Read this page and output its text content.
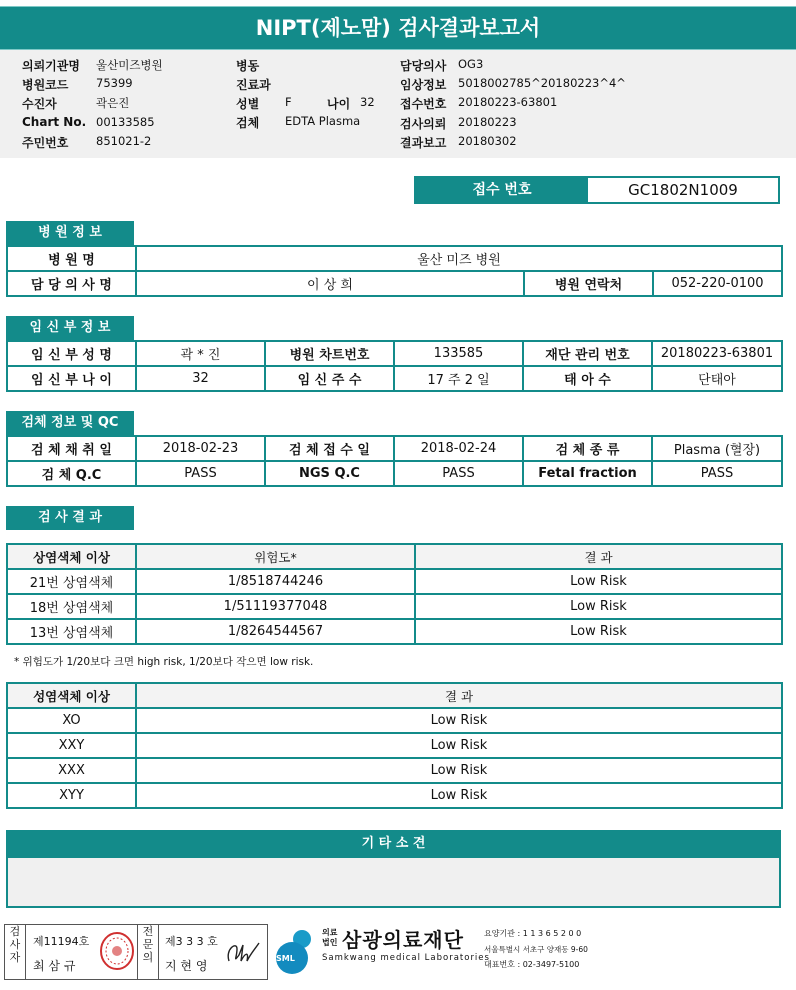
NIPT(제노맘) 검사결과보고서
의뢰기관명 울산미즈병원
병원코드 75399
수진자	곽은진
Chart No. 00133585
주민번호 851021-2
병동
진료과
성별 F	나이 32
검체 EDTA Plasma
담당의사 OG3
임상정보 5018002785^20180223^4^
접수번호 20180223-63801
검사의뢰 20180223
결과보고 20180302
접수 번호	GC1802N1009
병 원 정 보
병 원 명	울산 미즈 병원		
담 당 의 사 명	이 상 희	병원 연락처	052-220-0100
임 신 부 정 보
임 신 부 성 명	곽 * 진	병원 차트번호	133585	재단 관리 번호	20180223-63801
임 신 부 나 이	32	임 신 주 수	17 주 2 일	태 아 수	단태아
검체 정보 및 QC
검 체 채 취 일	2018-02-23	검 체 접 수 일	2018-02-24	검 체 종 류	Plasma (혈장)
검 체 Q.C	PASS	NGS Q.C	PASS	Fetal fraction	PASS
검 사 결 과
상염색체 이상	위험도*	결 과
21번 상염색체	1/8518744246	Low Risk
18번 상염색체	1/51119377048	Low Risk
13번 상염색체	1/8264544567	Low Risk
* 위험도가 1/20보다 크면 high risk, 1/20보다 작으면 low risk.
성염색체 이상	결 과
XO	Low Risk
XXY	Low Risk
XXX	Low Risk
XYY	Low Risk
기 타 소 견
검사자
제11194호
최 삼 규
전문의
제3 3 3 호
지 현 영
SML
의료
법인 삼광의료재단
Samkwang medical Laboratories
요양기관 : 1 1 3 6 5 2 0 0
서울특별시 서초구 양재동 9-60
대표번호 : 02-3497-5100
